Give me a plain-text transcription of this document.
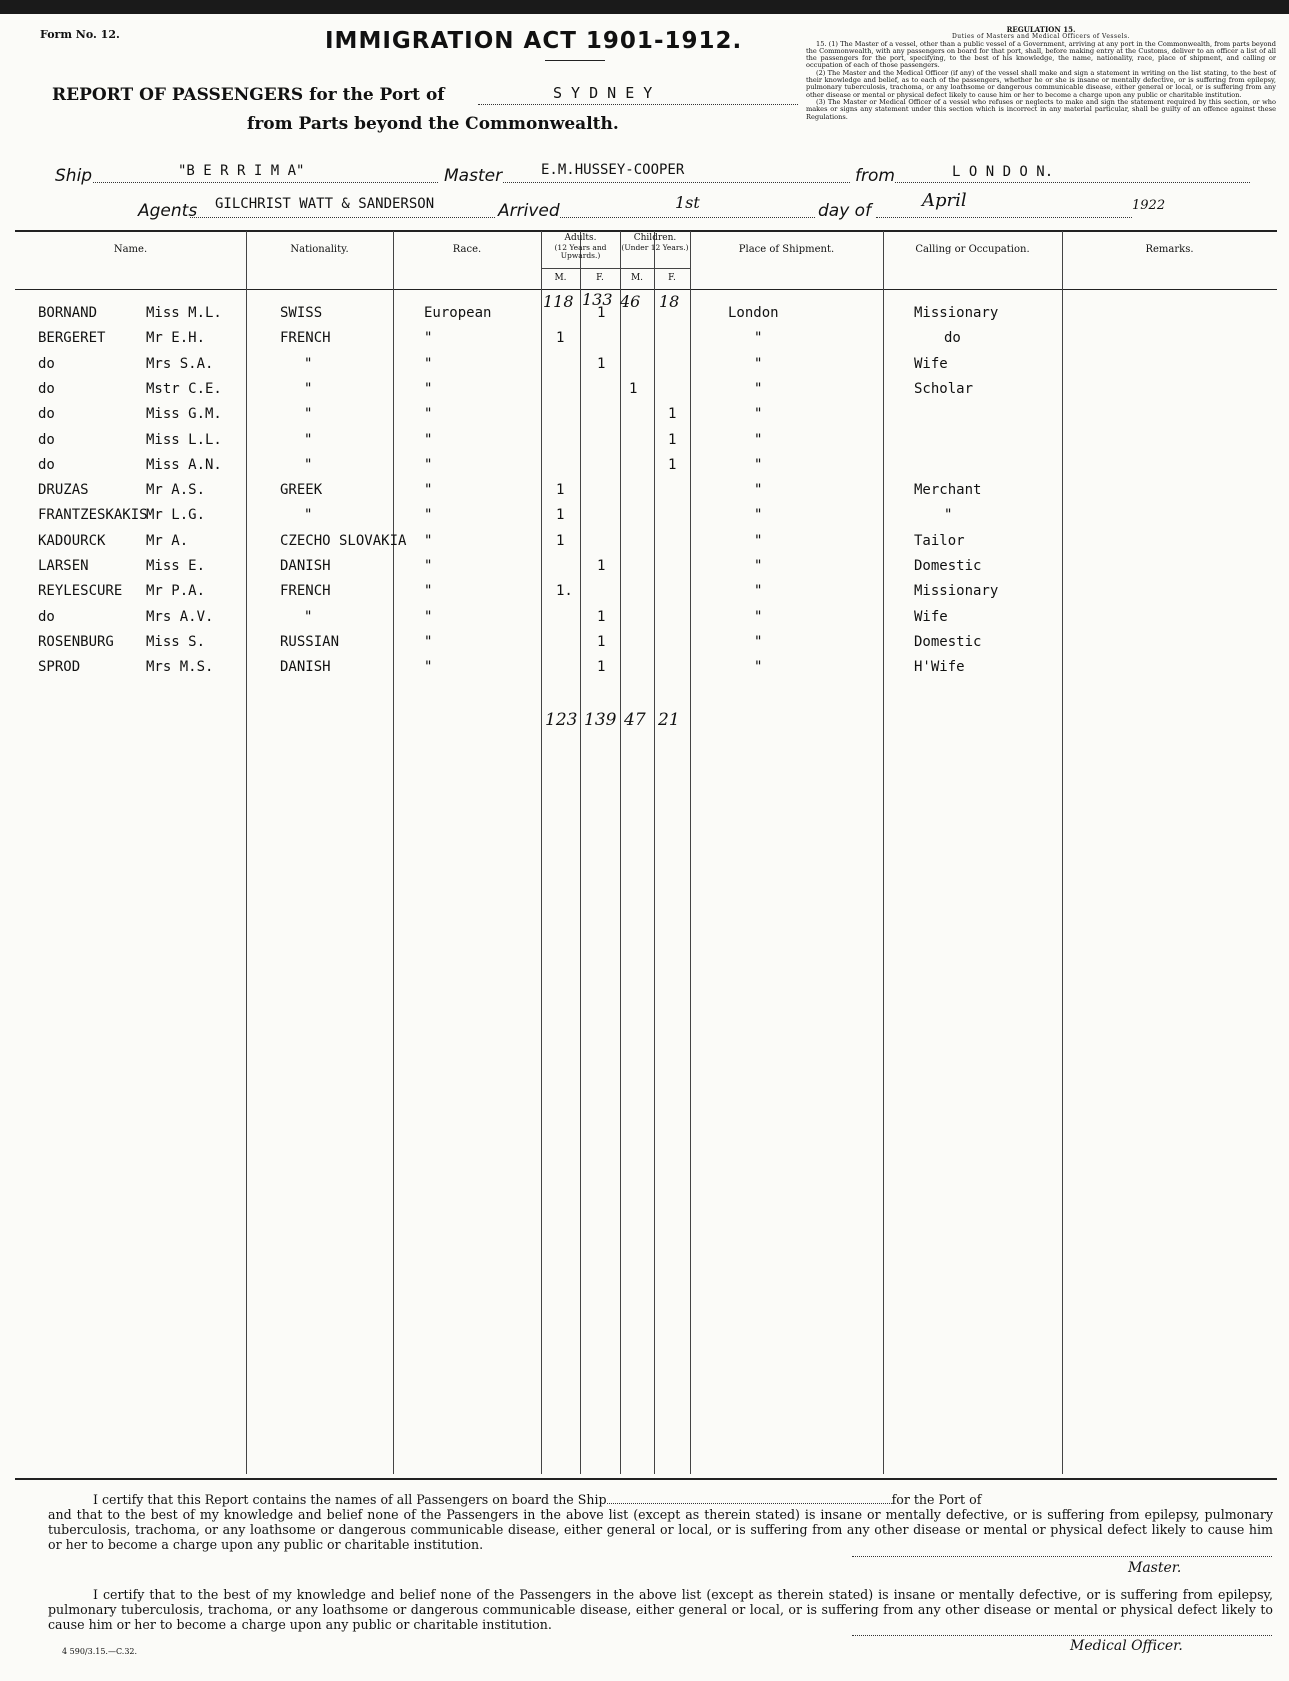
Form No. 12.	IMMIGRATION ACT 1901-1912.	REGULATION 15.
Duties of Masters and Medical Officers of Vessels.

15. (1) The Master of a vessel, other than a public vessel of a Government, arriving at any port in the Commonwealth, from parts beyond the Commonwealth, with any passengers on board for that port, shall, before making entry at the Customs, deliver to an officer a list of all the passengers for the port, specifying, to the best of his knowledge, the name, nationality, race, place of shipment, and calling or occupation of each of those passengers.

(2) The Master and the Medical Officer (if any) of the vessel shall make and sign a statement in writing on the list stating, to the best of their knowledge and belief, as to each of the passengers, whether he or she is insane or mentally defective, or is suffering from epilepsy, pulmonary tuberculosis, trachoma, or any loathsome or dangerous communicable disease, either general or local, or is suffering from any other disease or mental or physical defect likely to cause him or her to become a charge upon any public or charitable institution.

(3) The Master or Medical Officer of a vessel who refuses or neglects to make and sign the statement required by this section, or who makes or signs any statement under this section which is incorrect in any material particular, shall be guilty of an offence against these Regulations.

REPORT OF PASSENGERS for the Port of	S Y D N E Y
from Parts beyond the Commonwealth.
Ship	"B E R R I M A"	Master	E.M.HUSSEY-COOPER	from	L O N D O N.
Agents GILCHRIST WATT & SANDERSON	Arrived	1st	day of	April	1922
Name.	Nationality.	Race.
Adults.
(12 Years and Upwards.)
Children.
(Under 12 Years.)
M.	F.	M.	F.
Place of Shipment.	Calling or Occupation.	Remarks.
118 133 46 18
BORNAND	Miss M.L.	SWISS	European	1	London	Missionary
BERGERET	Mr E.H.	FRENCH	"	1	"	do
do	Mrs S.A.	"	"	1	"	Wife
do	Mstr C.E.	"	"	1	"	Scholar
do	Miss G.M.	"	"	1	"
do	Miss L.L.	"	"	1	"
do	Miss A.N.	"	"	1	"
DRUZAS	Mr A.S.	GREEK	"	1	"	Merchant
FRANTZESKAKIS
Mr L.G.	"	"	1	"	"
KADOURCK	Mr A.	CZECHO SLOVAKIA "	1	"	Tailor
LARSEN	Miss E.	DANISH	"	1	"	Domestic
REYLESCURE Mr P.A.	FRENCH	"	1.	"	Missionary
do	Mrs A.V.	"	"	1	"	Wife
ROSENBURG Miss S.	RUSSIAN	"	1	"	Domestic
SPROD	Mrs M.S.	DANISH	"	1	"	H'Wife
123 139 47 21

I certify that this Report contains the names of all Passengers on board the Ship	for the Port of

and that to the best of my knowledge and belief none of the Passengers in the above list (except as therein stated) is insane or mentally defective, or is suffering from epilepsy, pulmonary tuberculosis, trachoma, or any loathsome or dangerous communicable disease, either general or local, or is suffering from any other disease or mental or physical defect likely to cause him or her to become a charge upon any public or charitable institution.
Master.

I certify that to the best of my knowledge and belief none of the Passengers in the above list (except as therein stated) is insane or mentally defective, or is suffering from epilepsy, pulmonary tuberculosis, trachoma, or any loathsome or dangerous communicable disease, either general or local, or is suffering from any other disease or mental or physical defect likely to cause him or her to become a charge upon any public or charitable institution.

Medical Officer.
4 590/3.15.—C.32.
